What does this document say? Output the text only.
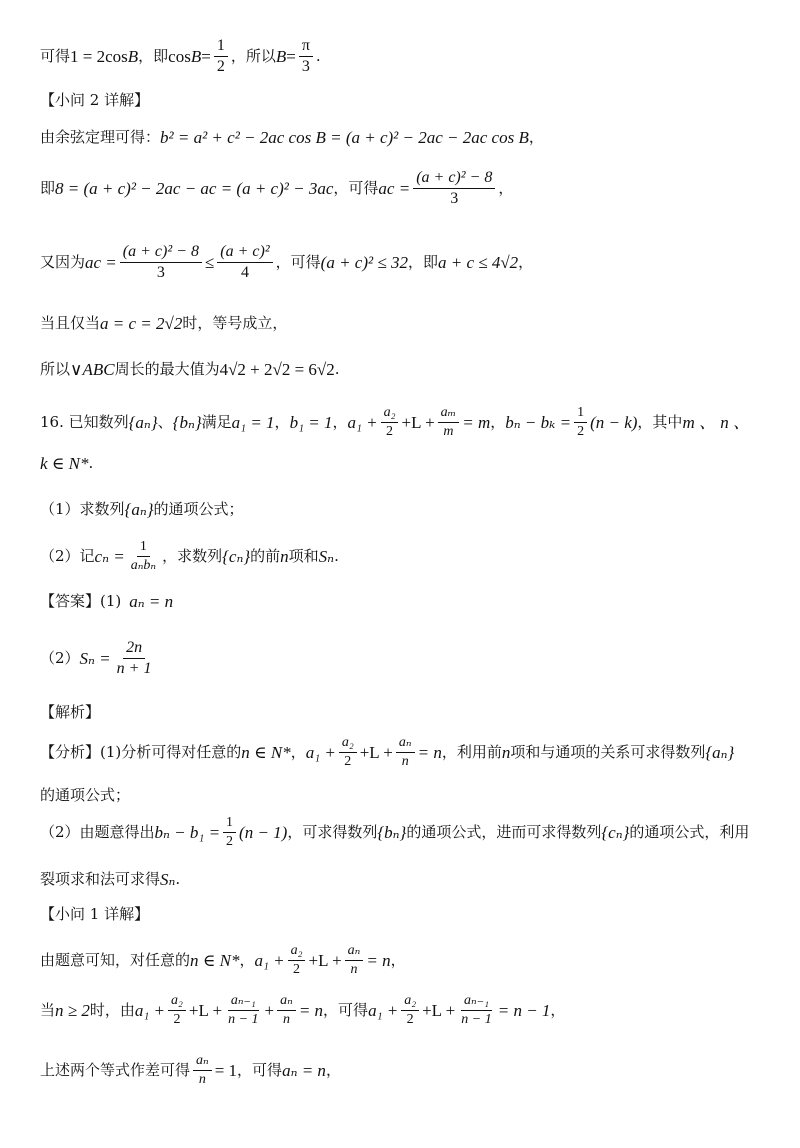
可得 1 = 2cos B ，即 $\cos B = \frac{1}{2}$ ，所以 $B = \frac{\pi}{3}$ .
【小问 2 详解】
由余弦定理可得： b² = a² + c² − 2ac cos B = (a + c)² − 2ac − 2ac cos B ，
即 8 = (a + c)² − 2ac − ac = (a + c)² − 3ac ，可得 ac = $\frac{\text{(a + c)² − 8}}{3}$ ，
又因为 ac = $\frac{\text{(a + c)² − 8}}{3} \le \frac{\text{(a + c)²}}{4}$ ，可得 (a + c)² ≤ 32 ，即 a + c ≤ 4√2 ，
当且仅当 a = c = 2√2 时，等号成立，
所以 ∨ABC 周长的最大值为 4√2 + 2√2 = 6√2 .
16. 已知数列 {aₙ} 、 {bₙ} 满足 a₁ = 1 ， b₁ = 1 ， $a_1 + \frac{\text{a₂}}{2} +L + \frac{\text{aₘ}}{m} = m$ ， $b_n - b_k = \frac{1}{2} (n - k)$ ，其中 m 、 n 、
k ∈ N* .
（1）求数列 {aₙ} 的通项公式；
（2）记 $c_n = \frac{1}{\text{aₙbₙ}}$ ，求数列 {cₙ} 的前 n 项和 Sₙ .
【答案】(1) aₙ = n
（2） $S_n = \frac{2n}{n + 1}$
【解析】
【分析】(1)分析可得对任意的 n ∈ N* ， $a_1 + \frac{\text{a₂}}{2} +L + \frac{\text{aₙ}}{n} = n$ ，利用前 n 项和与通项的关系可求得数列 {aₙ}
的通项公式；
（2）由题意得出 $b_n - b_1 = \frac{1}{2} (n - 1)$ ，可求得数列 {bₙ} 的通项公式，进而可求得数列 {cₙ} 的通项公式，利用
裂项求和法可求得 Sₙ .
【小问 1 详解】
由题意可知，对任意的 n ∈ N* ， $a_1 + \frac{\text{a₂}}{2} +L + \frac{\text{aₙ}}{n} = n$ ，
当 n ≥ 2 时，由 $a_1 + \frac{\text{a₂}}{2} +L + \frac{\text{aₙ₋₁}}{n - 1} + \frac{\text{aₙ}}{n} = n$ ，可得 $a_1 + \frac{\text{a₂}}{2} +L + \frac{\text{aₙ₋₁}}{n - 1} = n - 1$ ，
上述两个等式作差可得 $\frac{\text{aₙ}}{n} = 1$ ，可得 aₙ = n ，
